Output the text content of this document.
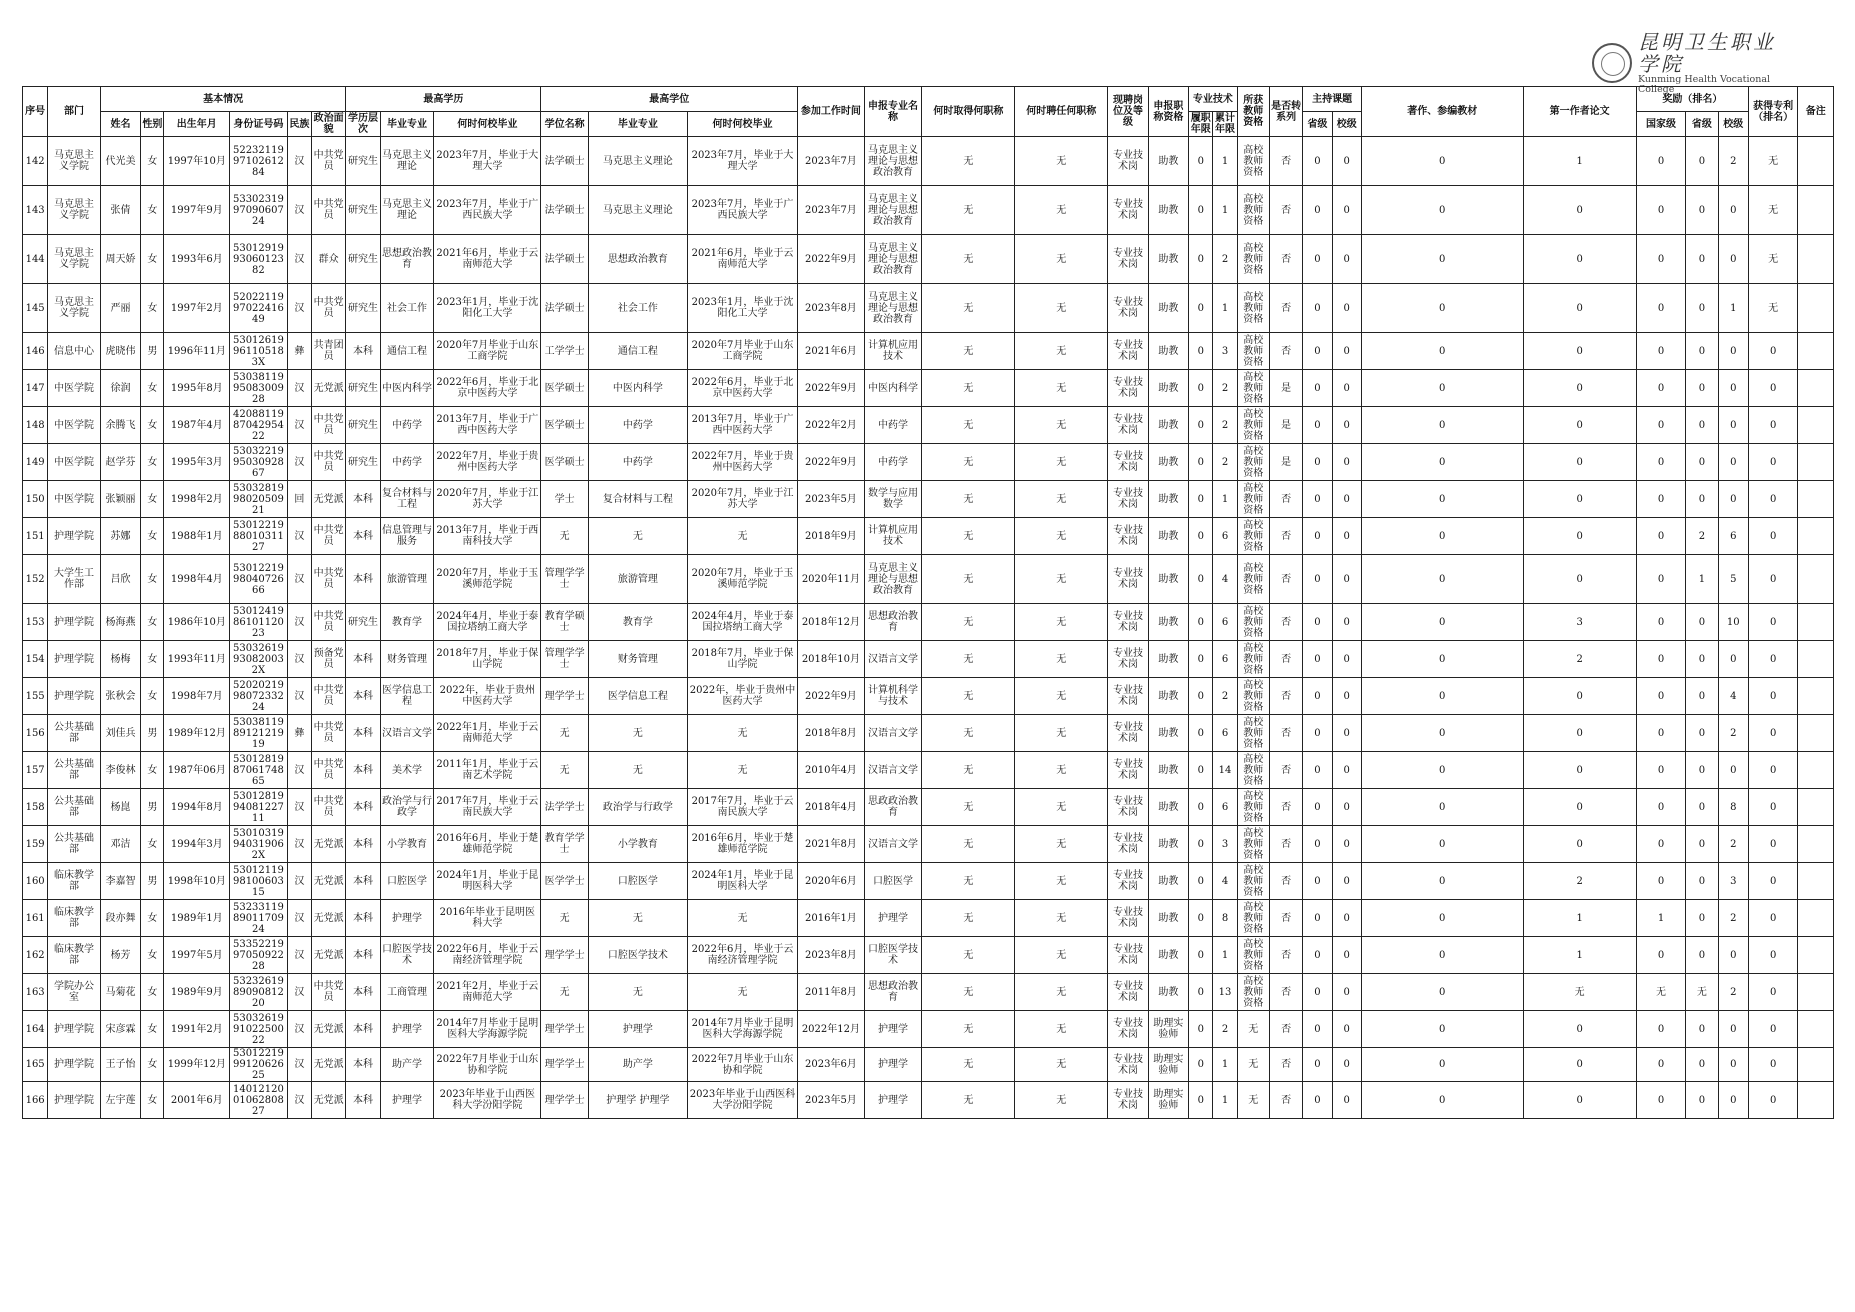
昆明卫生职业学院
Kunming Health Vocational College
序号	部门	基本情况						最高学历			最高学位			参加工作时间	申报专业名称	何时取得何职称	何时聘任何职称	现聘岗位及等级	申报职称资格	专业技术		所获教师资格	是否转系列	主持课题		著作、参编教材	第一作者论文	奖励（排名）			获得专利（排名）	备注
		姓名	性别	出生年月	身份证号码	民族	政治面貌	学历层次	毕业专业	何时何校毕业	学位名称	毕业专业	何时何校毕业							履职年限	累计年限			省级	校级			国家级	省级	校级		
142	马克思主义学院	代光美	女	1997年10月	522321199710261284	汉	中共党员	研究生	马克思主义理论	2023年7月，毕业于大理大学	法学硕士	马克思主义理论	2023年7月，毕业于大理大学	2023年7月	马克思主义理论与思想政治教育	无	无	专业技术岗	助教	0	1	高校教师资格	否	0	0	0	1	0	0	2	无	
143	马克思主义学院	张倩	女	1997年9月	533023199709060724	汉	中共党员	研究生	马克思主义理论	2023年7月，毕业于广西民族大学	法学硕士	马克思主义理论	2023年7月，毕业于广西民族大学	2023年7月	马克思主义理论与思想政治教育	无	无	专业技术岗	助教	0	1	高校教师资格	否	0	0	0	0	0	0	0	无	
144	马克思主义学院	周天娇	女	1993年6月	530129199306012382	汉	群众	研究生	思想政治教育	2021年6月，毕业于云南师范大学	法学硕士	思想政治教育	2021年6月，毕业于云南师范大学	2022年9月	马克思主义理论与思想政治教育	无	无	专业技术岗	助教	0	2	高校教师资格	否	0	0	0	0	0	0	0	无	
145	马克思主义学院	严丽	女	1997年2月	520221199702241649	汉	中共党员	研究生	社会工作	2023年1月，毕业于沈阳化工大学	法学硕士	社会工作	2023年1月，毕业于沈阳化工大学	2023年8月	马克思主义理论与思想政治教育	无	无	专业技术岗	助教	0	1	高校教师资格	否	0	0	0	0	0	0	1	无	
146	信息中心	虎晓伟	男	1996年11月	53012619961105183X	彝	共青团员	本科	通信工程	2020年7月毕业于山东工商学院	工学学士	通信工程	2020年7月毕业于山东工商学院	2021年6月	计算机应用技术	无	无	专业技术岗	助教	0	3	高校教师资格	否	0	0	0	0	0	0	0	0	
147	中医学院	徐润	女	1995年8月	530381199508300928	汉	无党派	研究生	中医内科学	2022年6月，毕业于北京中医药大学	医学硕士	中医内科学	2022年6月，毕业于北京中医药大学	2022年9月	中医内科学	无	无	专业技术岗	助教	0	2	高校教师资格	是	0	0	0	0	0	0	0	0	
148	中医学院	余腾飞	女	1987年4月	420881198704295422	汉	中共党员	研究生	中药学	2013年7月，毕业于广西中医药大学	医学硕士	中药学	2013年7月，毕业于广西中医药大学	2022年2月	中药学	无	无	专业技术岗	助教	0	2	高校教师资格	是	0	0	0	0	0	0	0	0	
149	中医学院	赵学芬	女	1995年3月	530322199503092867	汉	中共党员	研究生	中药学	2022年7月，毕业于贵州中医药大学	医学硕士	中药学	2022年7月，毕业于贵州中医药大学	2022年9月	中药学	无	无	专业技术岗	助教	0	2	高校教师资格	是	0	0	0	0	0	0	0	0	
150	中医学院	张颖丽	女	1998年2月	530328199802050921	回	无党派	本科	复合材料与工程	2020年7月，毕业于江苏大学	学士	复合材料与工程	2020年7月，毕业于江苏大学	2023年5月	数学与应用数学	无	无	专业技术岗	助教	0	1	高校教师资格	否	0	0	0	0	0	0	0	0	
151	护理学院	苏娜	女	1988年1月	530122198801031127	汉	中共党员	本科	信息管理与服务	2013年7月，毕业于西南科技大学	无	无	无	2018年9月	计算机应用技术	无	无	专业技术岗	助教	0	6	高校教师资格	否	0	0	0	0	0	2	6	0	
152	大学生工作部	吕欣	女	1998年4月	530122199804072666	汉	中共党员	本科	旅游管理	2020年7月，毕业于玉溪师范学院	管理学学士	旅游管理	2020年7月，毕业于玉溪师范学院	2020年11月	马克思主义理论与思想政治教育	无	无	专业技术岗	助教	0	4	高校教师资格	否	0	0	0	0	0	1	5	0	
153	护理学院	杨海燕	女	1986年10月	530124198610112023	汉	中共党员	研究生	教育学	2024年4月，毕业于泰国拉塔纳工商大学	教育学硕士	教育学	2024年4月，毕业于泰国拉塔纳工商大学	2018年12月	思想政治教育	无	无	专业技术岗	助教	0	6	高校教师资格	否	0	0	0	3	0	0	10	0	
154	护理学院	杨梅	女	1993年11月	53032619930820032X	汉	预备党员	本科	财务管理	2018年7月，毕业于保山学院	管理学学士	财务管理	2018年7月，毕业于保山学院	2018年10月	汉语言文学	无	无	专业技术岗	助教	0	6	高校教师资格	否	0	0	0	2	0	0	0	0	
155	护理学院	张秋会	女	1998年7月	520202199807233224	汉	中共党员	本科	医学信息工程	2022年，毕业于贵州中医药大学	理学学士	医学信息工程	2022年，毕业于贵州中医药大学	2022年9月	计算机科学与技术	无	无	专业技术岗	助教	0	2	高校教师资格	否	0	0	0	0	0	0	4	0	
156	公共基础部	刘佳兵	男	1989年12月	530381198912121919	彝	中共党员	本科	汉语言文学	2022年1月，毕业于云南师范大学	无	无	无	2018年8月	汉语言文学	无	无	专业技术岗	助教	0	6	高校教师资格	否	0	0	0	0	0	0	2	0	
157	公共基础部	李俊林	女	1987年06月	530128198706174865	汉	中共党员	本科	美术学	2011年1月，毕业于云南艺术学院	无	无	无	2010年4月	汉语言文学	无	无	专业技术岗	助教	0	14	高校教师资格	否	0	0	0	0	0	0	0	0	
158	公共基础部	杨崑	男	1994年8月	530128199408122711	汉	中共党员	本科	政治学与行政学	2017年7月，毕业于云南民族大学	法学学士	政治学与行政学	2017年7月，毕业于云南民族大学	2018年4月	思政政治教育	无	无	专业技术岗	助教	0	6	高校教师资格	否	0	0	0	0	0	0	8	0	
159	公共基础部	邓洁	女	1994年3月	53010319940319062X	汉	无党派	本科	小学教育	2016年6月，毕业于楚雄师范学院	教育学学士	小学教育	2016年6月，毕业于楚雄师范学院	2021年8月	汉语言文学	无	无	专业技术岗	助教	0	3	高校教师资格	否	0	0	0	0	0	0	2	0	
160	临床教学部	李嘉智	男	1998年10月	530121199810060315	汉	无党派	本科	口腔医学	2024年1月，毕业于昆明医科大学	医学学士	口腔医学	2024年1月，毕业于昆明医科大学	2020年6月	口腔医学	无	无	专业技术岗	助教	0	4	高校教师资格	否	0	0	0	2	0	0	3	0	
161	临床教学部	段亦舞	女	1989年1月	532331198901170924	汉	无党派	本科	护理学	2016年毕业于昆明医科大学	无	无	无	2016年1月	护理学	无	无	专业技术岗	助教	0	8	高校教师资格	否	0	0	0	1	1	0	2	0	
162	临床教学部	杨芳	女	1997年5月	533522199705092228	汉	无党派	本科	口腔医学技术	2022年6月，毕业于云南经济管理学院	理学学士	口腔医学技术	2022年6月，毕业于云南经济管理学院	2023年8月	口腔医学技术	无	无	专业技术岗	助教	0	1	高校教师资格	否	0	0	0	1	0	0	0	0	
163	学院办公室	马菊花	女	1989年9月	532326198909081220	汉	中共党员	本科	工商管理	2021年2月，毕业于云南师范大学	无	无	无	2011年8月	思想政治教育	无	无	专业技术岗	助教	0	13	高校教师资格	否	0	0	0	无	无	无	2	0	
164	护理学院	宋彦霖	女	1991年2月	530326199102250022	汉	无党派	本科	护理学	2014年7月毕业于昆明医科大学海源学院	理学学士	护理学	2014年7月毕业于昆明医科大学海源学院	2022年12月	护理学	无	无	专业技术岗	助理实验师	0	2	无	否	0	0	0	0	0	0	0	0	
165	护理学院	王子怡	女	1999年12月	530122199912062625	汉	无党派	本科	助产学	2022年7月毕业于山东协和学院	理学学士	助产学	2022年7月毕业于山东协和学院	2023年6月	护理学	无	无	专业技术岗	助理实验师	0	1	无	否	0	0	0	0	0	0	0	0	
166	护理学院	左宇莲	女	2001年6月	140121200106280827	汉	无党派	本科	护理学	2023年毕业于山西医科大学汾阳学院	理学学士	护理学 护理学	2023年毕业于山西医科大学汾阳学院	2023年5月	护理学	无	无	专业技术岗	助理实验师	0	1	无	否	0	0	0	0	0	0	0	0	
